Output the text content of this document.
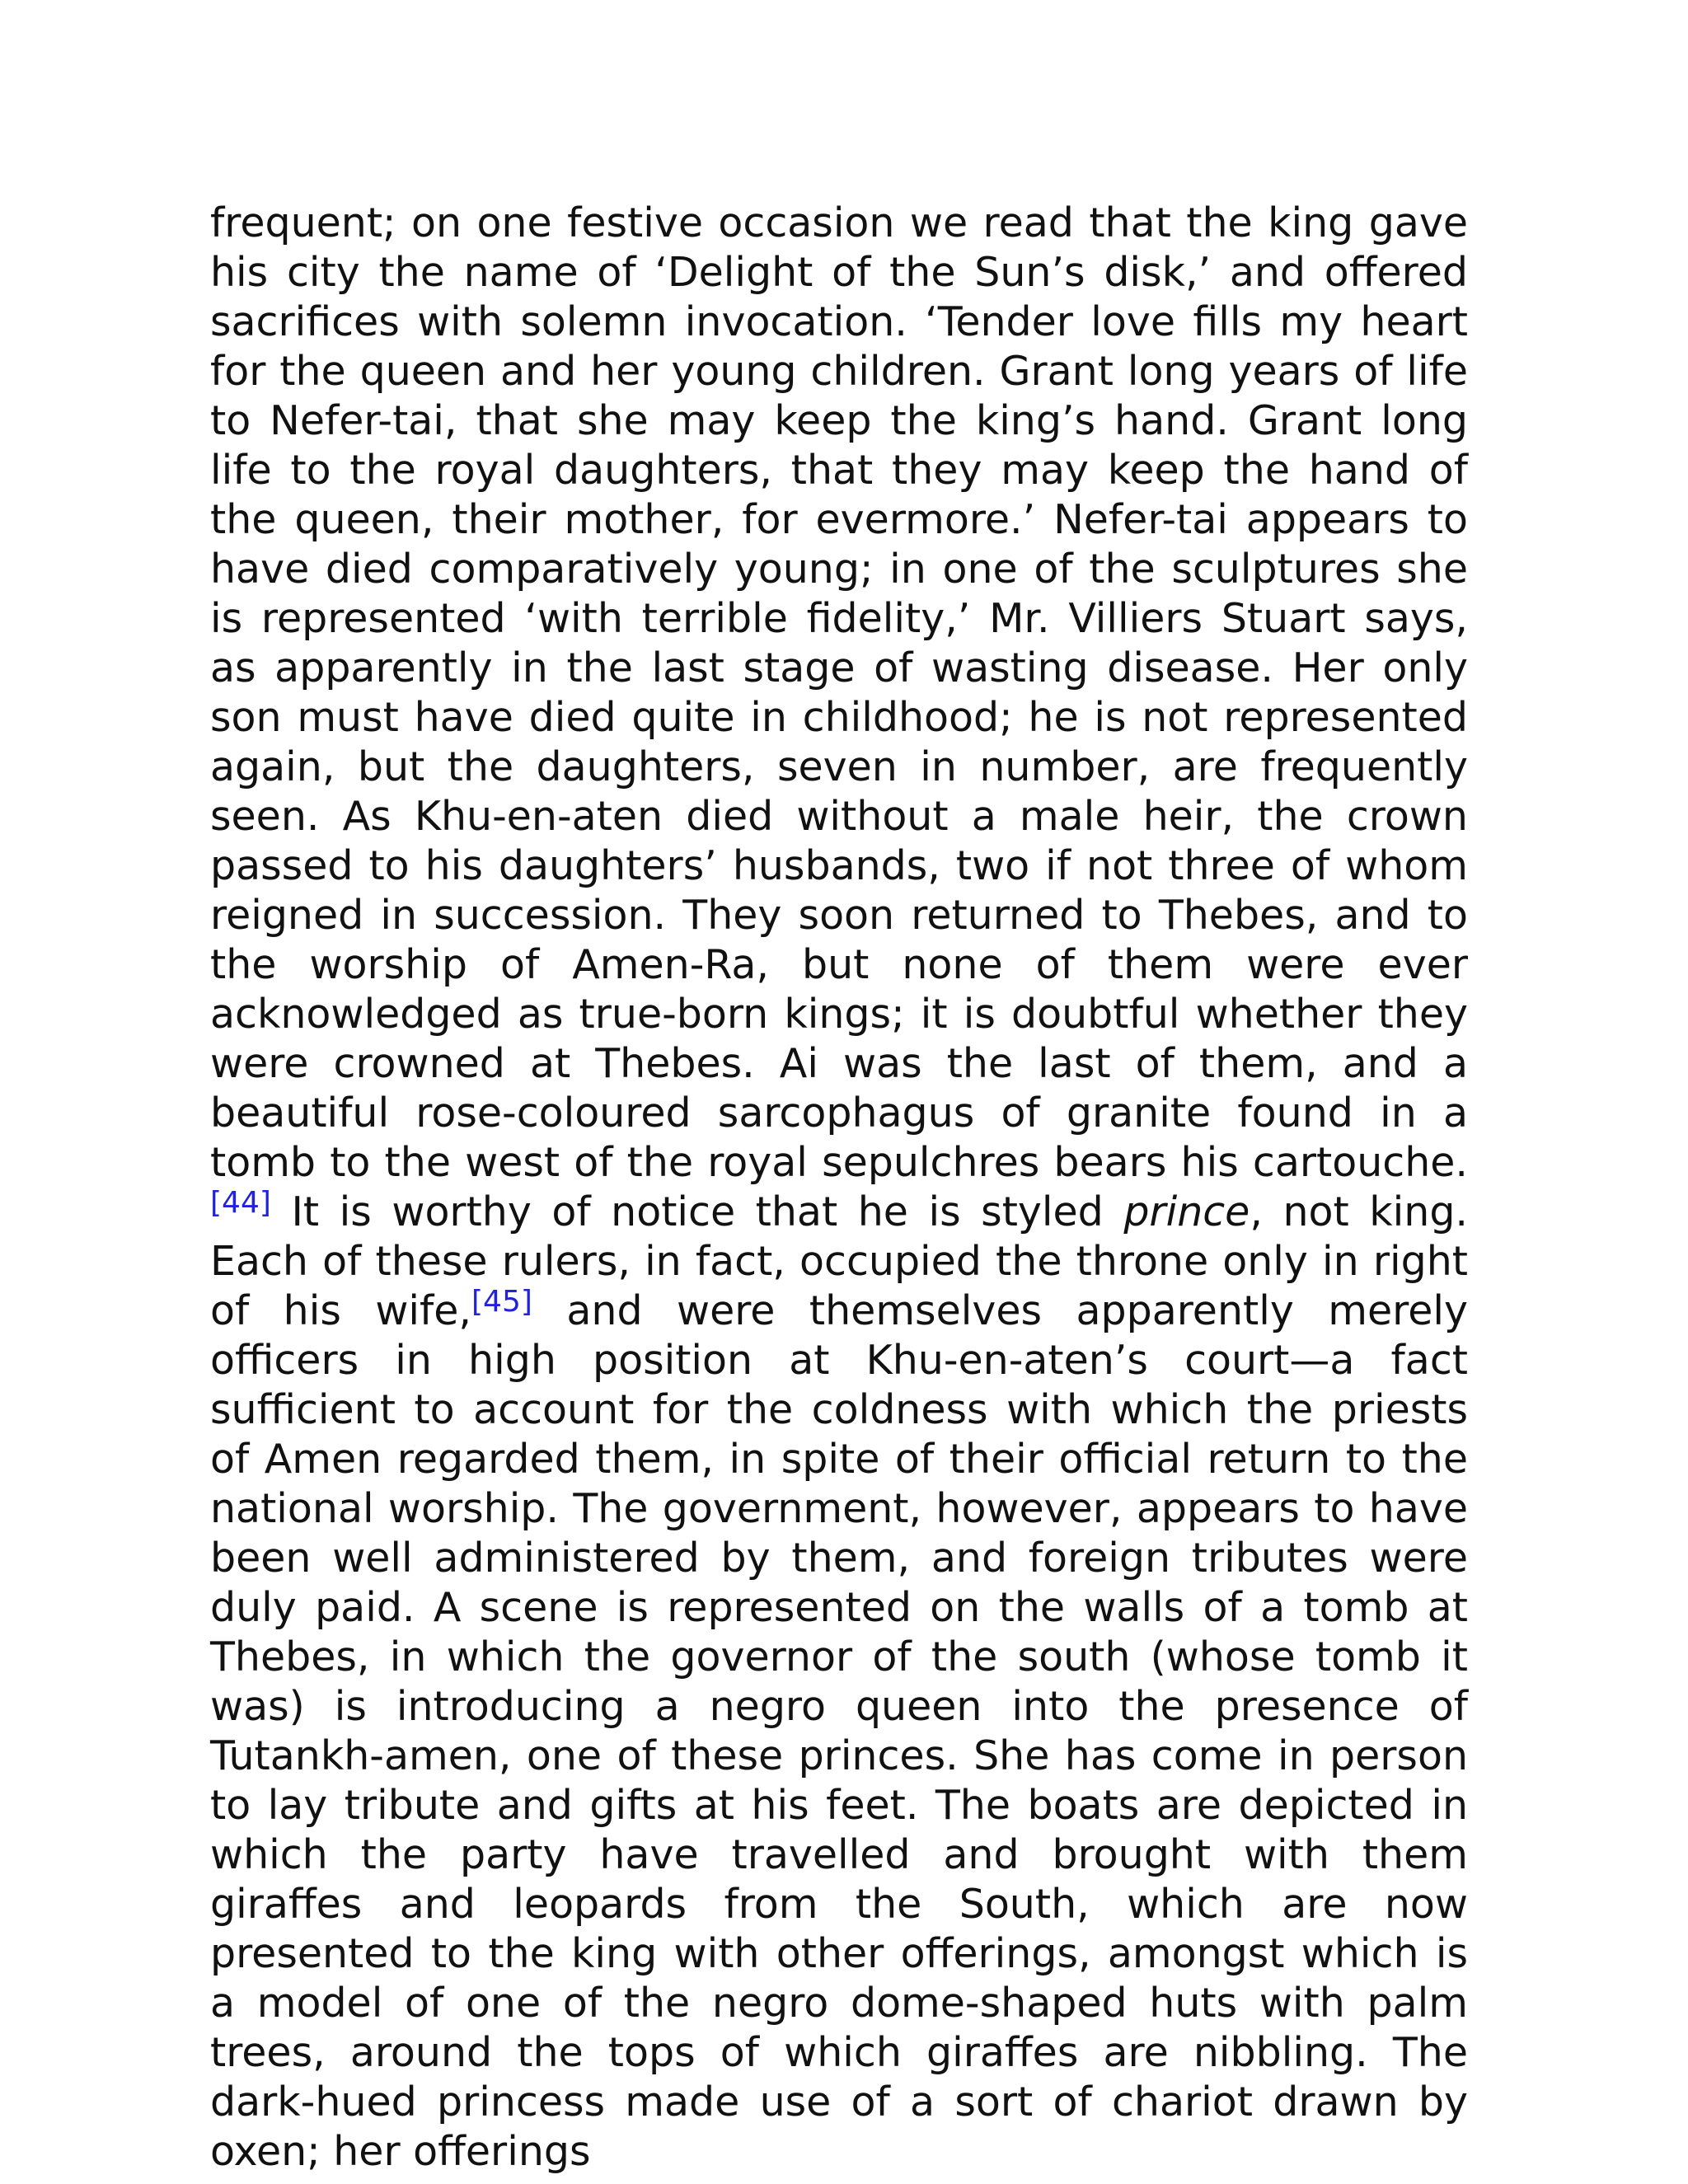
frequent; on one festive occasion we read that the king gave his city the name of ‘Delight of the Sun’s disk,’ and offered sacrifices with solemn invocation. ‘Tender love fills my heart for the queen and her young children. Grant long years of life to Nefer-tai, that she may keep the king’s hand. Grant long life to the royal daughters, that they may keep the hand of the queen, their mother, for evermore.’ Nefer-tai appears to have died comparatively young; in one of the sculptures she is represented ‘with terrible fidelity,’ Mr. Villiers Stuart says, as apparently in the last stage of wasting disease. Her only son must have died quite in childhood; he is not represented again, but the daughters, seven in number, are frequently seen. As Khu-en-aten died without a male heir, the crown passed to his daughters’ husbands, two if not three of whom reigned in succession. They soon returned to Thebes, and to the worship of Amen-Ra, but none of them were ever acknowledged as true-born kings; it is doubtful whether they were crowned at Thebes. Ai was the last of them, and a beautiful rose-coloured sarcophagus of granite found in a tomb to the west of the royal sepulchres bears his cartouche.[44] It is worthy of notice that he is styled prince, not king. Each of these rulers, in fact, occupied the throne only in right of his wife,[45] and were themselves apparently merely officers in high position at Khu-en-aten’s court—a fact sufficient to account for the coldness with which the priests of Amen regarded them, in spite of their official return to the national worship. The government, however, appears to have been well administered by them, and foreign tributes were duly paid. A scene is represented on the walls of a tomb at Thebes, in which the governor of the south (whose tomb it was) is introducing a negro queen into the presence of Tutankh-amen, one of these princes. She has come in person to lay tribute and gifts at his feet. The boats are depicted in which the party have travelled and brought with them giraffes and leopards from the South, which are now presented to the king with other offerings, amongst which is a model of one of the negro dome-shaped huts with palm trees, around the tops of which giraffes are nibbling. The dark-hued princess made use of a sort of chariot drawn by oxen; her offerings
